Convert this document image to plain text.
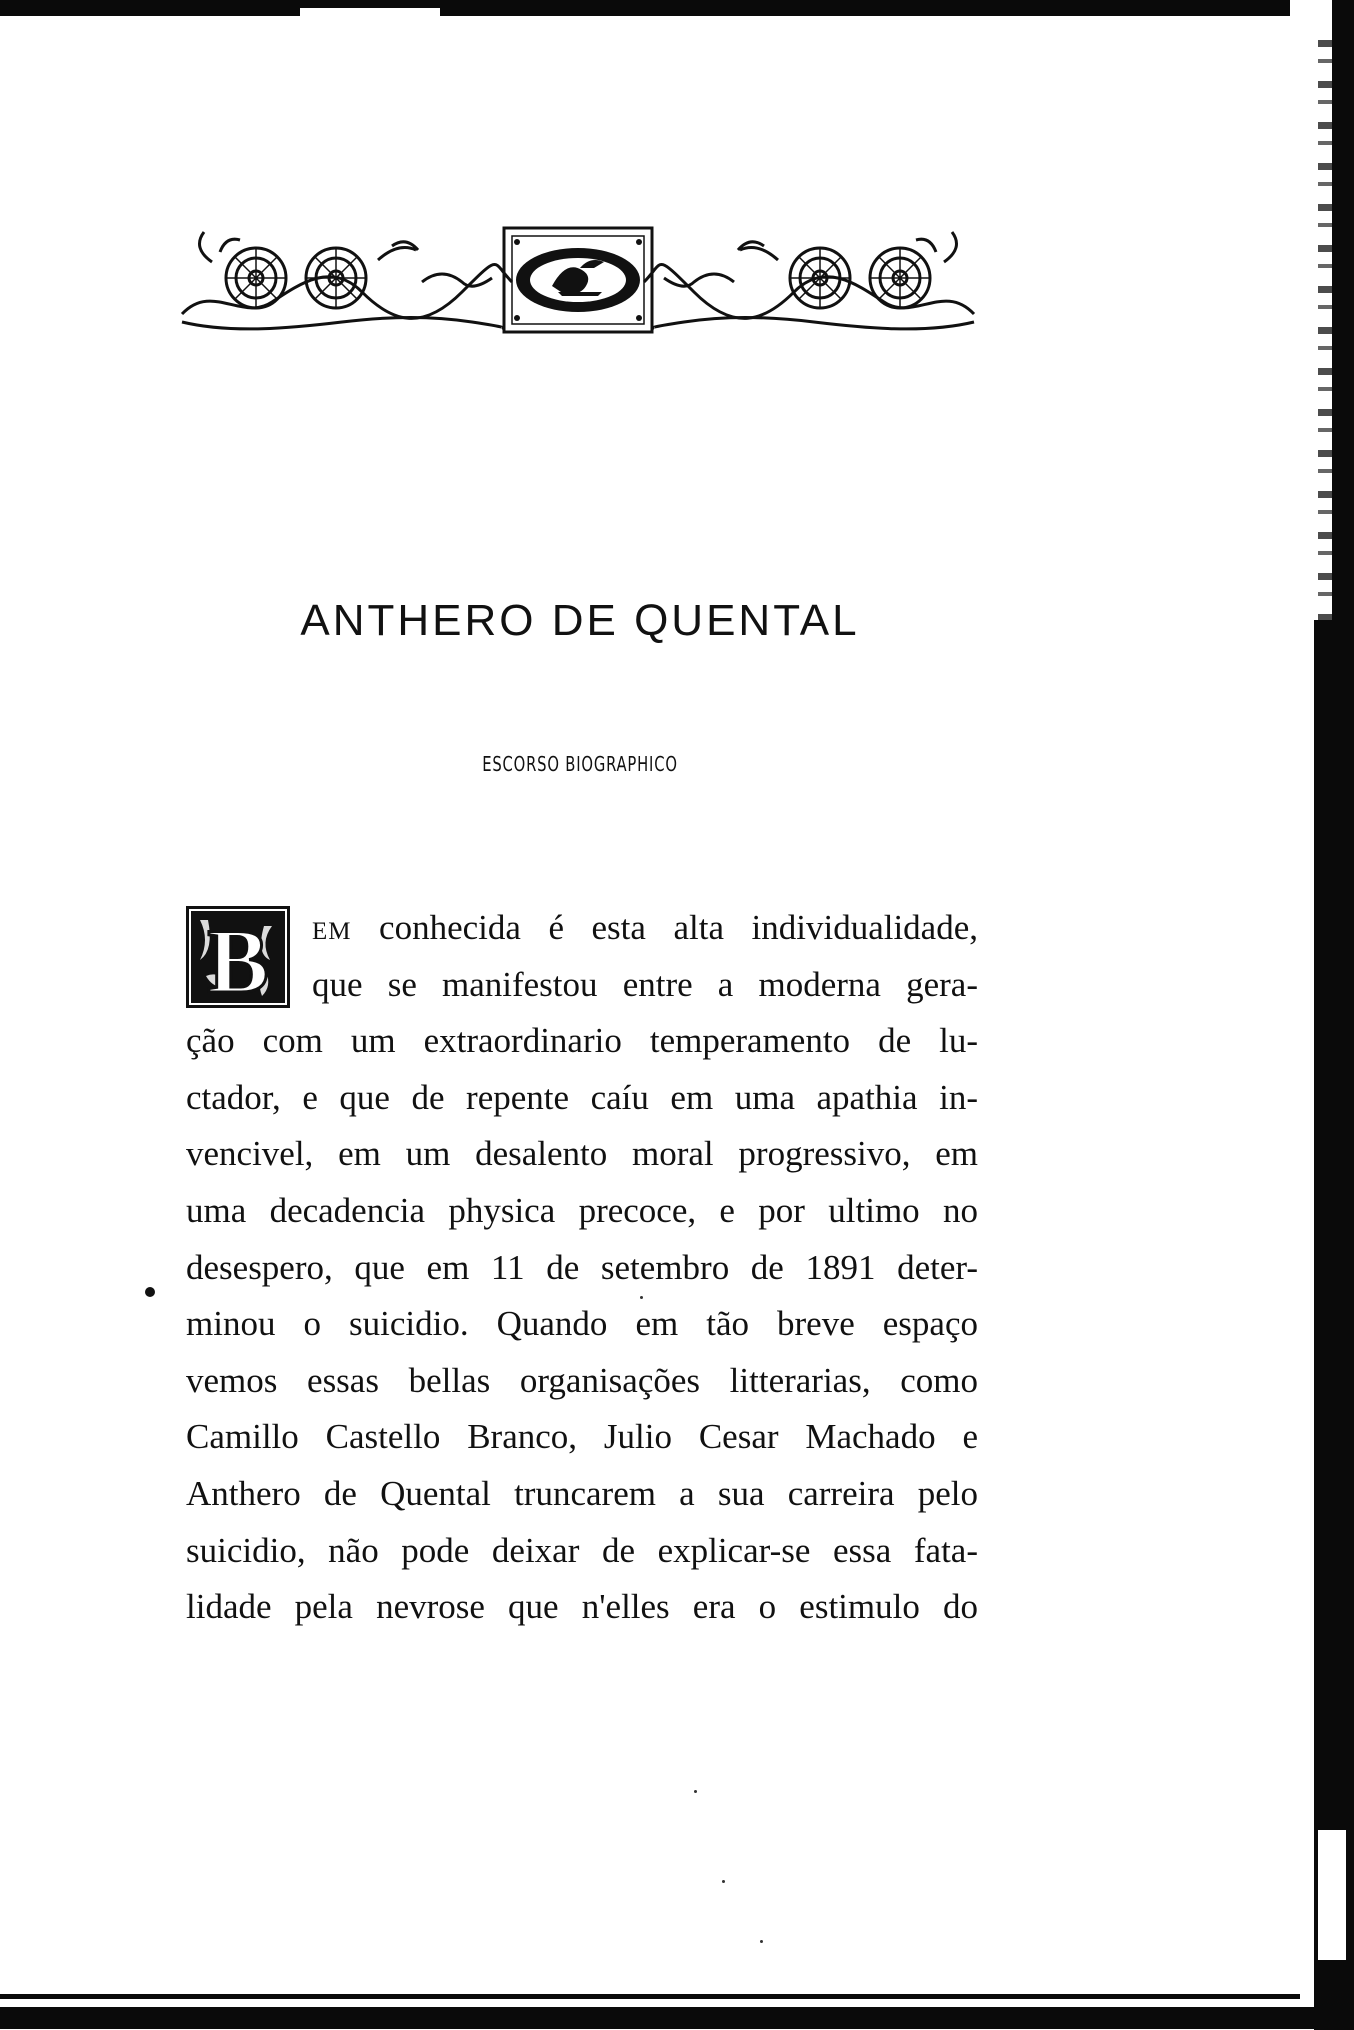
ANTHERO DE QUENTAL
ESCORSO BIOGRAPHICO
B EM conhecida é esta alta individualidade,
que se manifestou entre a moderna gera-
ção com um extraordinario temperamento de lu-
ctador, e que de repente caíu em uma apathia in-
vencivel, em um desalento moral progressivo, em
uma decadencia physica precoce, e por ultimo no
desespero, que em 11 de setembro de 1891 deter-
minou o suicidio. Quando em tão breve espaço
vemos essas bellas organisações litterarias, como
Camillo Castello Branco, Julio Cesar Machado e
Anthero de Quental truncarem a sua carreira pelo
suicidio, não pode deixar de explicar-se essa fata-
lidade pela nevrose que n'elles era o estimulo do
